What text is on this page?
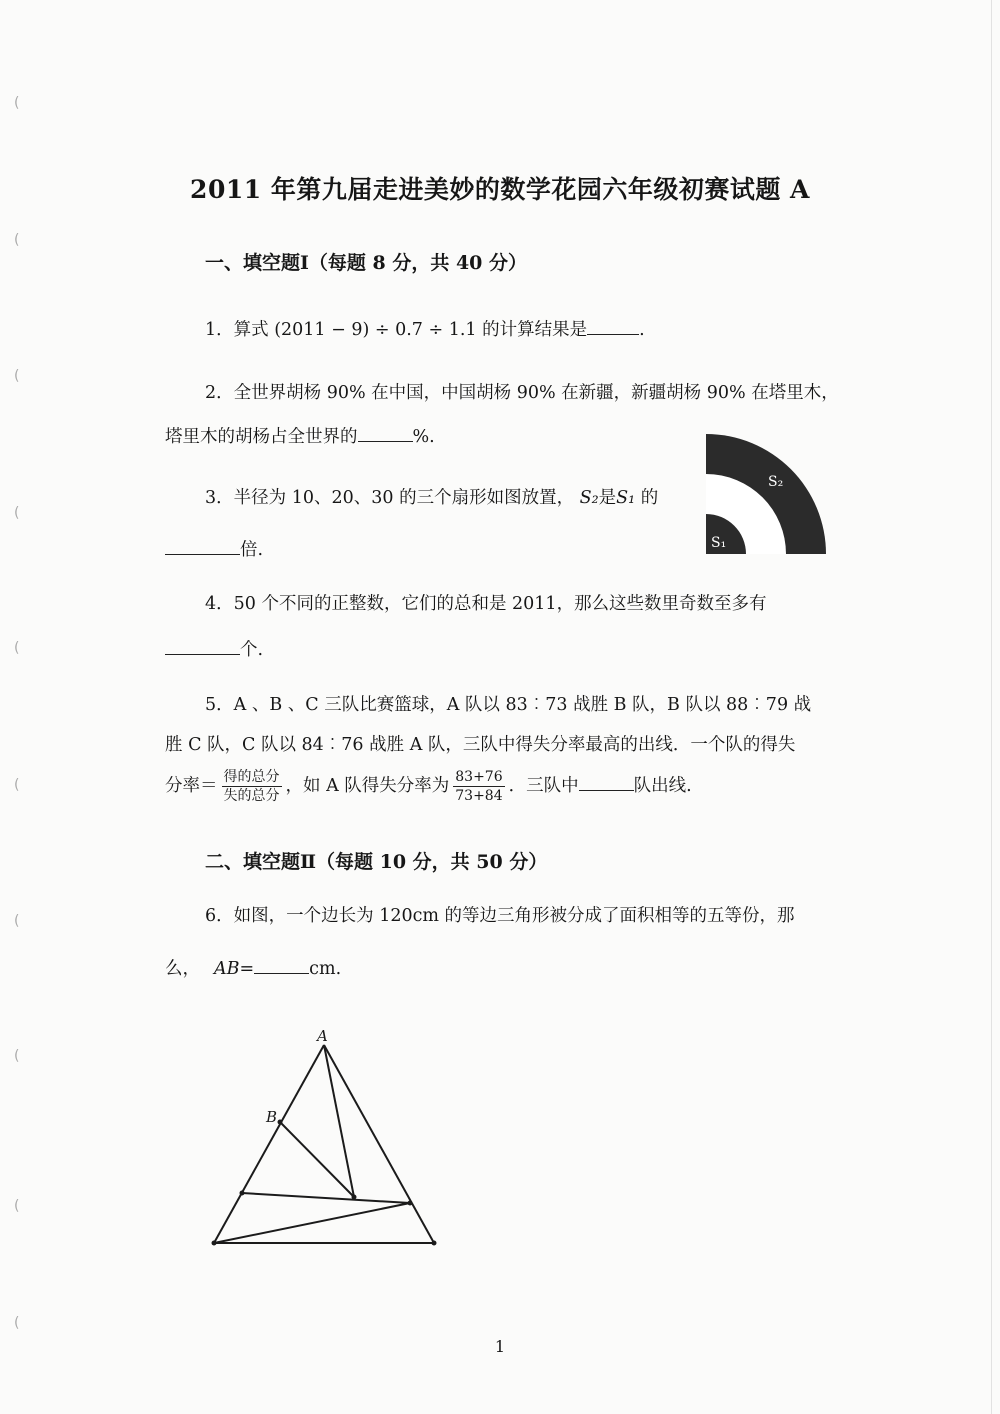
(
(
(
(
(
(
(
(
(
(
2011 年第九届走进美妙的数学花园六年级初赛试题 A
一、填空题Ⅰ（每题 8 分，共 40 分）
1．算式 (2011 − 9) ÷ 0.7 ÷ 1.1 的计算结果是	.
2．全世界胡杨 90% 在中国，中国胡杨 90% 在新疆，新疆胡杨 90% 在塔里木，
塔里木的胡杨占全世界的	%.
3．半径为 10、20、30 的三个扇形如图放置， S₂是S₁ 的
倍.
S₂
S₁
4．50 个不同的正整数，它们的总和是 2011，那么这些数里奇数至多有
个.
5．A 、B 、C 三队比赛篮球，A 队以 83︰73 战胜 B 队，B 队以 88︰79 战
胜 C 队，C 队以 84︰76 战胜 A 队，三队中得失分率最高的出线．一个队的得失
分率＝ $\frac{\text{得的总分}}{\text{失的总分}}$ ，如 A 队得失分率为 $\frac{83+76}{73+84}$ ．三队中	队出线.
二、填空题Ⅱ（每题 10 分，共 50 分）
6．如图，一个边长为 120cm 的等边三角形被分成了面积相等的五等份，那
么， AB=	cm.
A
B
1
